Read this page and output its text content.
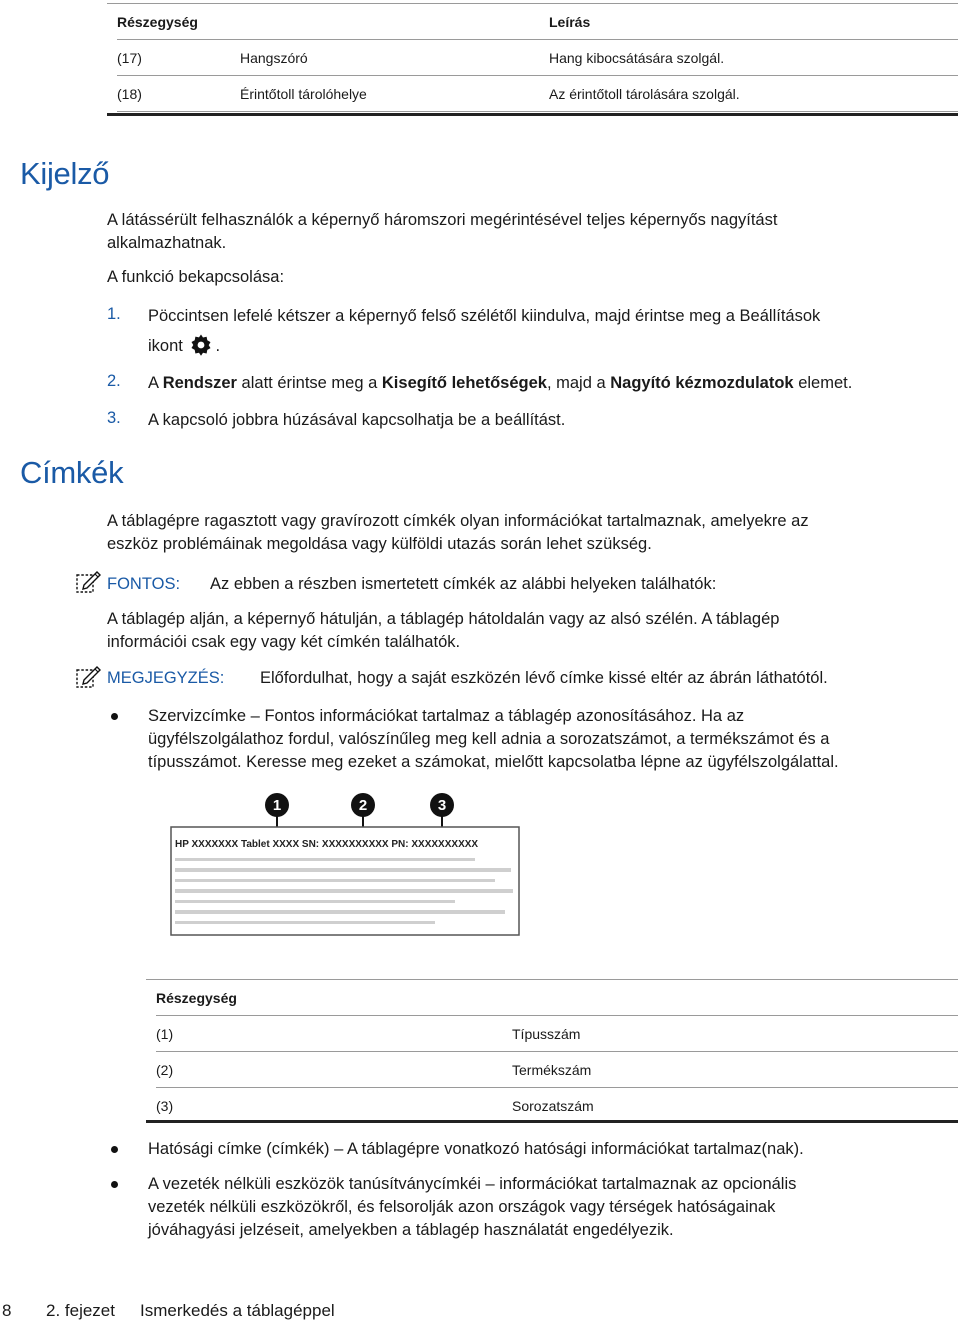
Részegység		Leírás
(17)	Hangszóró	Hang kibocsátására szolgál.
(18)	Érintőtoll tárolóhelye	Az érintőtoll tárolására szolgál.
Kijelző

A látássérült felhasználók a képernyő háromszori megérintésével teljes képernyős nagyítást
alkalmazhatnak.

A funkció bekapcsolása:

1. Pöccintsen lefelé kétszer a képernyő felső szélétől kiindulva, majd érintse meg a Beállítások
ikont .

2. A Rendszer alatt érintse meg a Kisegítő lehetőségek, majd a Nagyító kézmozdulatok elemet.

3. A kapcsoló jobbra húzásával kapcsolhatja be a beállítást.

Címkék

A táblagépre ragasztott vagy gravírozott címkék olyan információkat tartalmaznak, amelyekre az
eszköz problémáinak megoldása vagy külföldi utazás során lehet szükség.

FONTOS: Az ebben a részben ismertetett címkék az alábbi helyeken találhatók:

A táblagép alján, a képernyő hátulján, a táblagép hátoldalán vagy az alsó szélén. A táblagép
információi csak egy vagy két címkén találhatók.

MEGJEGYZÉS: Előfordulhat, hogy a saját eszközén lévő címke kissé eltér az ábrán láthatótól.

Szervizcímke – Fontos információkat tartalmaz a táblagép azonosításához. Ha az
ügyfélszolgálathoz fordul, valószínűleg meg kell adnia a sorozatszámot, a termékszámot és a
típusszámot. Keresse meg ezeket a számokat, mielőtt kapcsolatba lépne az ügyfélszolgálattal.

1	2	3
HP XXXXXXX Tablet XXXX SN: XXXXXXXXXX PN: XXXXXXXXXX
Részegység	
(1)	Típusszám
(2)	Termékszám
(3)	Sorozatszám

Hatósági címke (címkék) – A táblagépre vonatkozó hatósági információkat tartalmaz(nak).

A vezeték nélküli eszközök tanúsítványcímkéi – információkat tartalmaznak az opcionális
vezeték nélküli eszközökről, és felsorolják azon országok vagy térségek hatóságainak
jóváhagyási jelzéseit, amelyekben a táblagép használatát engedélyezik.

8 2. fejezet Ismerkedés a táblagéppel
